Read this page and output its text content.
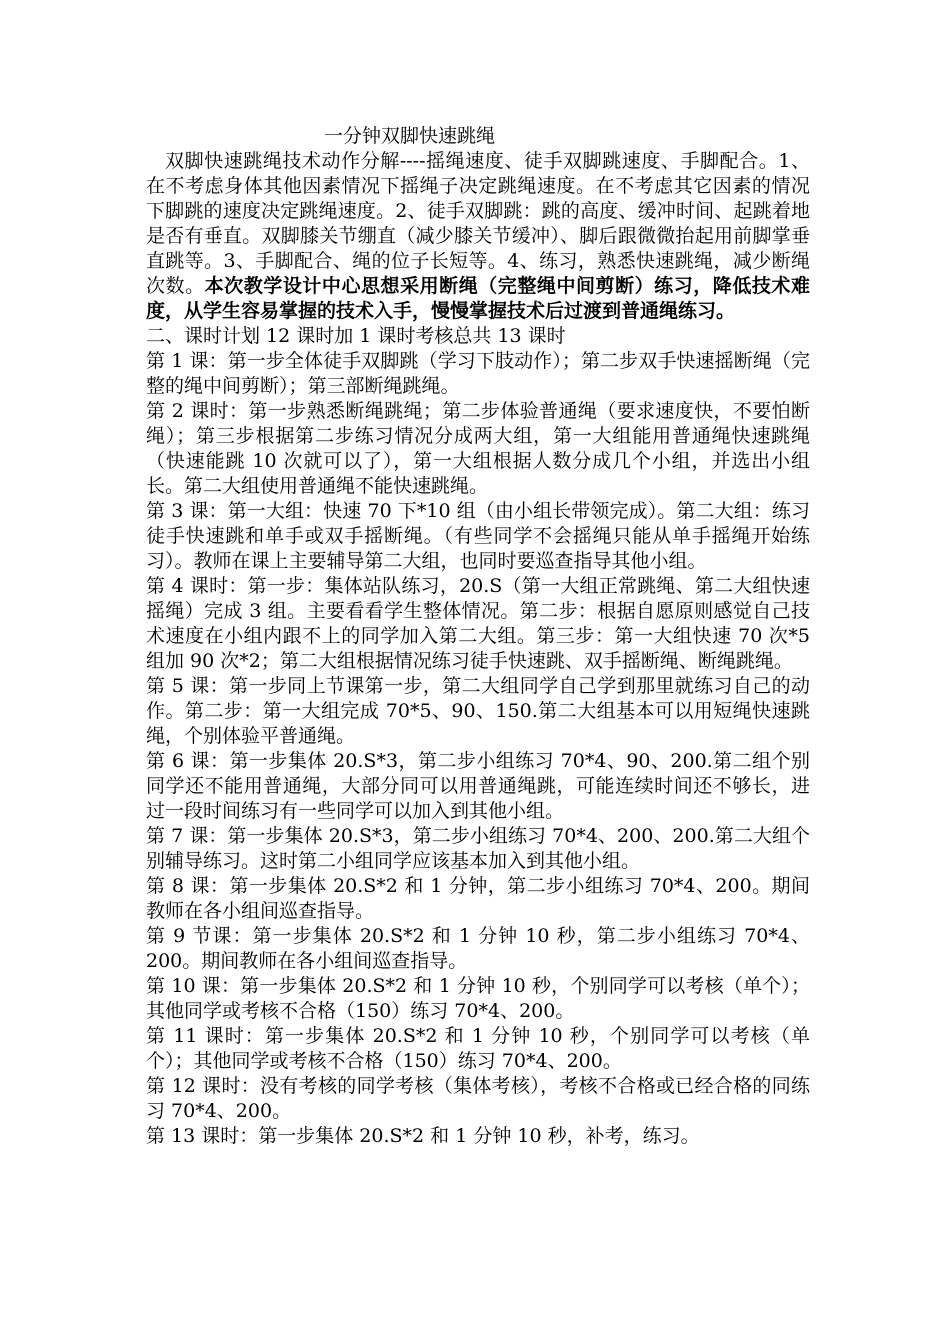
一分钟双脚快速跳绳

双脚快速跳绳技术动作分解----摇绳速度、徒手双脚跳速度、手脚配合。1、在不考虑身体其他因素情况下摇绳子决定跳绳速度。在不考虑其它因素的情况下脚跳的速度决定跳绳速度。2、徒手双脚跳：跳的高度、缓冲时间、起跳着地是否有垂直。双脚膝关节绷直（减少膝关节缓冲）、脚后跟微微抬起用前脚掌垂直跳等。3、手脚配合、绳的位子长短等。4、练习，熟悉快速跳绳，减少断绳次数。本次教学设计中心思想采用断绳（完整绳中间剪断）练习，降低技术难度，从学生容易掌握的技术入手，慢慢掌握技术后过渡到普通绳练习。

二、课时计划 12 课时加 1 课时考核总共 13 课时

第 1 课：第一步全体徒手双脚跳（学习下肢动作）；第二步双手快速摇断绳（完整的绳中间剪断）；第三部断绳跳绳。

第 2 课时：第一步熟悉断绳跳绳；第二步体验普通绳（要求速度快，不要怕断绳）；第三步根据第二步练习情况分成两大组，第一大组能用普通绳快速跳绳（快速能跳 10 次就可以了），第一大组根据人数分成几个小组，并选出小组长。第二大组使用普通绳不能快速跳绳。

第 3 课：第一大组：快速 70 下*10 组（由小组长带领完成）。第二大组：练习徒手快速跳和单手或双手摇断绳。（有些同学不会摇绳只能从单手摇绳开始练习）。教师在课上主要辅导第二大组，也同时要巡查指导其他小组。

第 4 课时：第一步：集体站队练习，20.S（第一大组正常跳绳、第二大组快速摇绳）完成 3 组。主要看看学生整体情况。第二步：根据自愿原则感觉自己技术速度在小组内跟不上的同学加入第二大组。第三步：第一大组快速 70 次*5 组加 90 次*2；第二大组根据情况练习徒手快速跳、双手摇断绳、断绳跳绳。

第 5 课：第一步同上节课第一步，第二大组同学自己学到那里就练习自己的动作。第二步：第一大组完成 70*5、90、150.第二大组基本可以用短绳快速跳绳，个别体验平普通绳。

第 6 课：第一步集体 20.S*3，第二步小组练习 70*4、90、200.第二组个别同学还不能用普通绳，大部分同可以用普通绳跳，可能连续时间还不够长，进过一段时间练习有一些同学可以加入到其他小组。

第 7 课：第一步集体 20.S*3，第二步小组练习 70*4、200、200.第二大组个别辅导练习。这时第二小组同学应该基本加入到其他小组。

第 8 课：第一步集体 20.S*2 和 1 分钟，第二步小组练习 70*4、200。期间教师在各小组间巡查指导。

第 9 节课：第一步集体 20.S*2 和 1 分钟 10 秒，第二步小组练习 70*4、200。期间教师在各小组间巡查指导。

第 10 课：第一步集体 20.S*2 和 1 分钟 10 秒，个别同学可以考核（单个）；其他同学或考核不合格（150）练习 70*4、200。

第 11 课时：第一步集体 20.S*2 和 1 分钟 10 秒，个别同学可以考核（单个）；其他同学或考核不合格（150）练习 70*4、200。

第 12 课时：没有考核的同学考核（集体考核），考核不合格或已经合格的同练习 70*4、200。

第 13 课时：第一步集体 20.S*2 和 1 分钟 10 秒，补考，练习。
